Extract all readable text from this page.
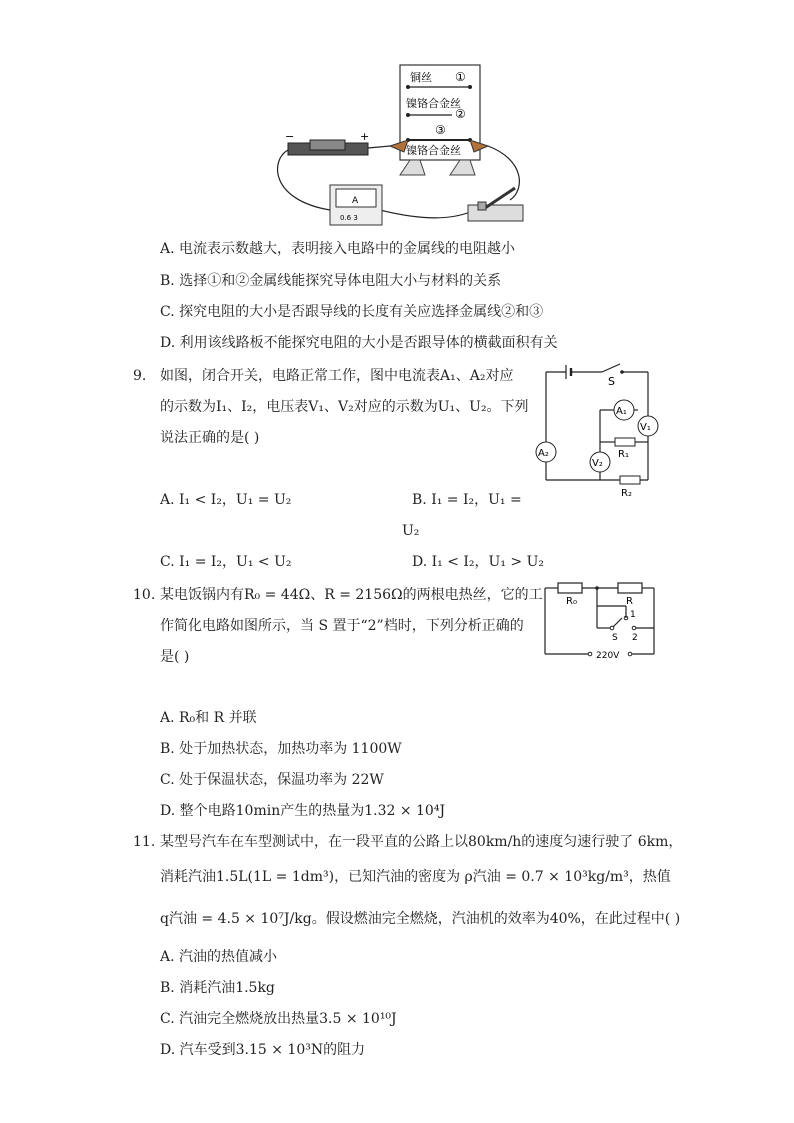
铜丝 ①
镍铬合金丝
②
③
镍铬合金丝
−	+
A
0.6 3
A. 电流表示数越大，表明接入电路中的金属线的电阻越小
B. 选择①和②金属线能探究导体电阻大小与材料的关系
C. 探究电阻的大小是否跟导线的长度有关应选择金属线②和③
D. 利用该线路板不能探究电阻的大小是否跟导体的横截面积有关
9. 如图，闭合开关，电路正常工作，图中电流表A₁、A₂对应
的示数为I₁、I₂，电压表V₁、V₂对应的示数为U₁、U₂。下列
说法正确的是( )
A. I₁ < I₂，U₁ = U₂	B. I₁ = I₂，U₁ =
U₂
C. I₁ = I₂，U₁ < U₂	D. I₁ < I₂，U₁ > U₂
S
A₁
V₁
R₁
V₂
R₂
A₂
10. 某电饭锅内有R₀ = 44Ω、R = 2156Ω的两根电热丝，它的工
作简化电路如图所示，当 S 置于“2”档时，下列分析正确的
是( )
A. R₀和 R 并联
B. 处于加热状态，加热功率为 1100W
C. 处于保温状态，保温功率为 22W
D. 整个电路10min产生的热量为1.32 × 10⁴J
R₀	R
1
S 2
220V
11. 某型号汽车在车型测试中，在一段平直的公路上以80km/h的速度匀速行驶了 6km，
消耗汽油1.5L(1L = 1dm³)，已知汽油的密度为 ρ汽油 = 0.7 × 10³kg/m³，热值
q汽油 = 4.5 × 10⁷J/kg。假设燃油完全燃烧，汽油机的效率为40%，在此过程中( )
A. 汽油的热值减小
B. 消耗汽油1.5kg
C. 汽油完全燃烧放出热量3.5 × 10¹⁰J
D. 汽车受到3.15 × 10³N的阻力
